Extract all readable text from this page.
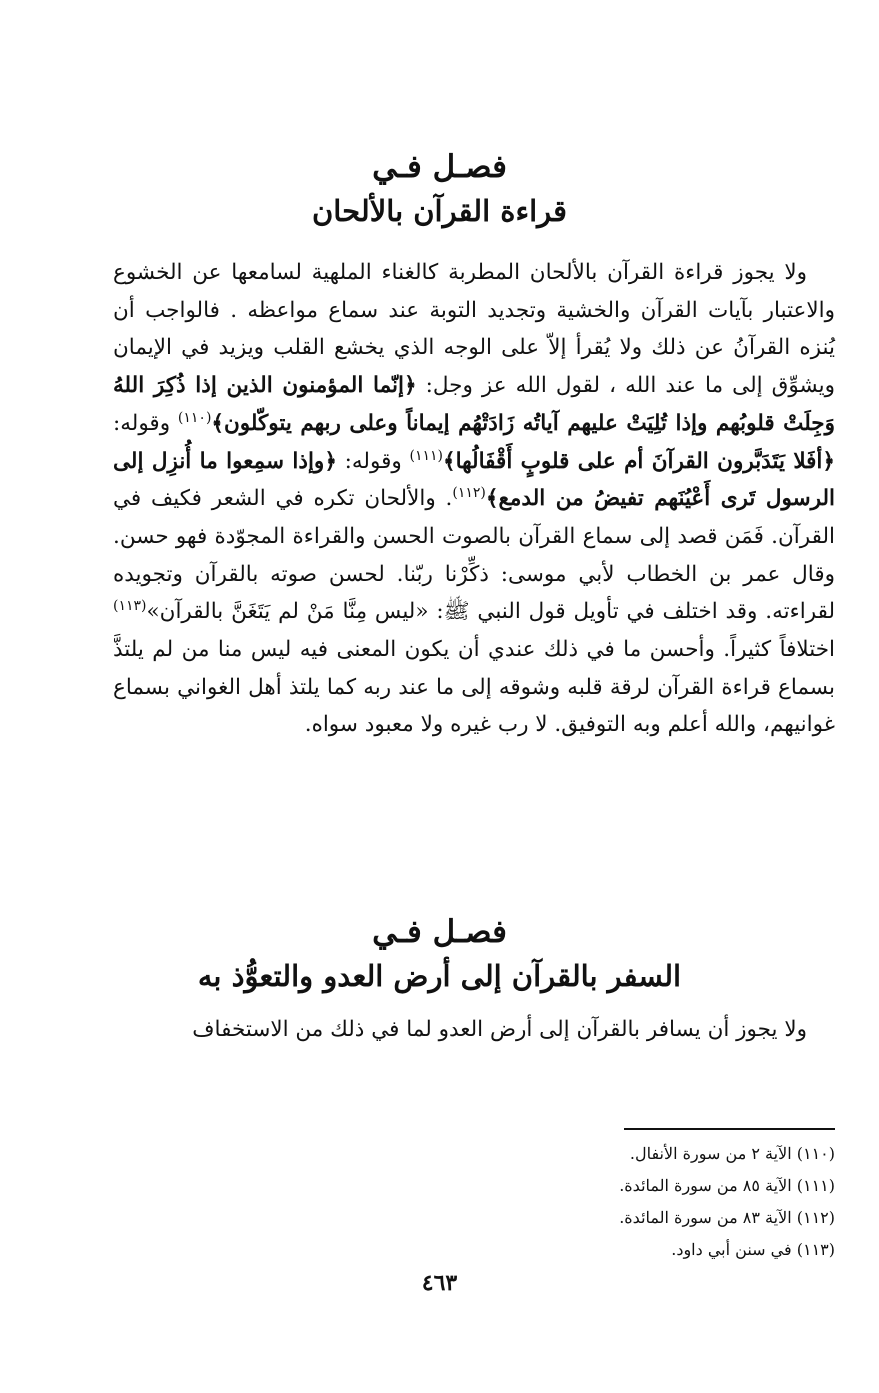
فصـل فـي
قراءة القرآن بالألحان

ولا يجوز قراءة القرآن بالألحان المطربة كالغناء الملهية لسامعها عن الخشوع والاعتبار بآيات القرآن والخشية وتجديد التوبة عند سماع مواعظه . فالواجب أن يُنزه القرآنُ عن ذلك ولا يُقرأ إلاّ على الوجه الذي يخشع القلب ويزيد في الإيمان ويشوِّق إلى ما عند الله ، لقول الله عز وجل: ﴿إنّما المؤمنون الذين إذا ذُكِرَ اللهُ وَجِلَتْ قلوبُهم وإذا تُلِيَتْ عليهم آياتُه زَادَتْهُم إيماناً وعلى ربهم يتوكّلون﴾$^{(١١٠)}$ وقوله: ﴿أفَلا يَتَدَبَّرون القرآنَ أم على قلوبٍ أَقْفَالُها﴾$^{(١١١)}$ وقوله: ﴿وإذا سمِعوا ما أُنزِل إلى الرسول تَرى أَعْيُنَهم تفيضُ من الدمع﴾$^{(١١٢)}$. والألحان تكره في الشعر فكيف في القرآن. فَمَن قصد إلى سماع القرآن بالصوت الحسن والقراءة المجوّدة فهو حسن. وقال عمر بن الخطاب لأبي موسى: ذكِّرْنا ربّنا. لحسن صوته بالقرآن وتجويده لقراءته. وقد اختلف في تأويل قول النبي ﷺ: «ليس مِنَّا مَنْ لم يَتَغَنَّ بالقرآن»$^{(١١٣)}$ اختلافاً كثيراً. وأحسن ما في ذلك عندي أن يكون المعنى فيه ليس منا من لم يلتذَّ بسماع قراءة القرآن لرقة قلبه وشوقه إلى ما عند ربه كما يلتذ أهل الغواني بسماع غوانيهم، والله أعلم وبه التوفيق. لا رب غيره ولا معبود سواه.

فصـل فـي
السفر بالقرآن إلى أرض العدو والتعوُّذ به

ولا يجوز أن يسافر بالقرآن إلى أرض العدو لما في ذلك من الاستخفاف

(١١٠) الآية ٢ من سورة الأنفال.
(١١١) الآية ٨٥ من سورة المائدة.
(١١٢) الآية ٨٣ من سورة المائدة.
(١١٣) في سنن أبي داود.
٤٦٣
